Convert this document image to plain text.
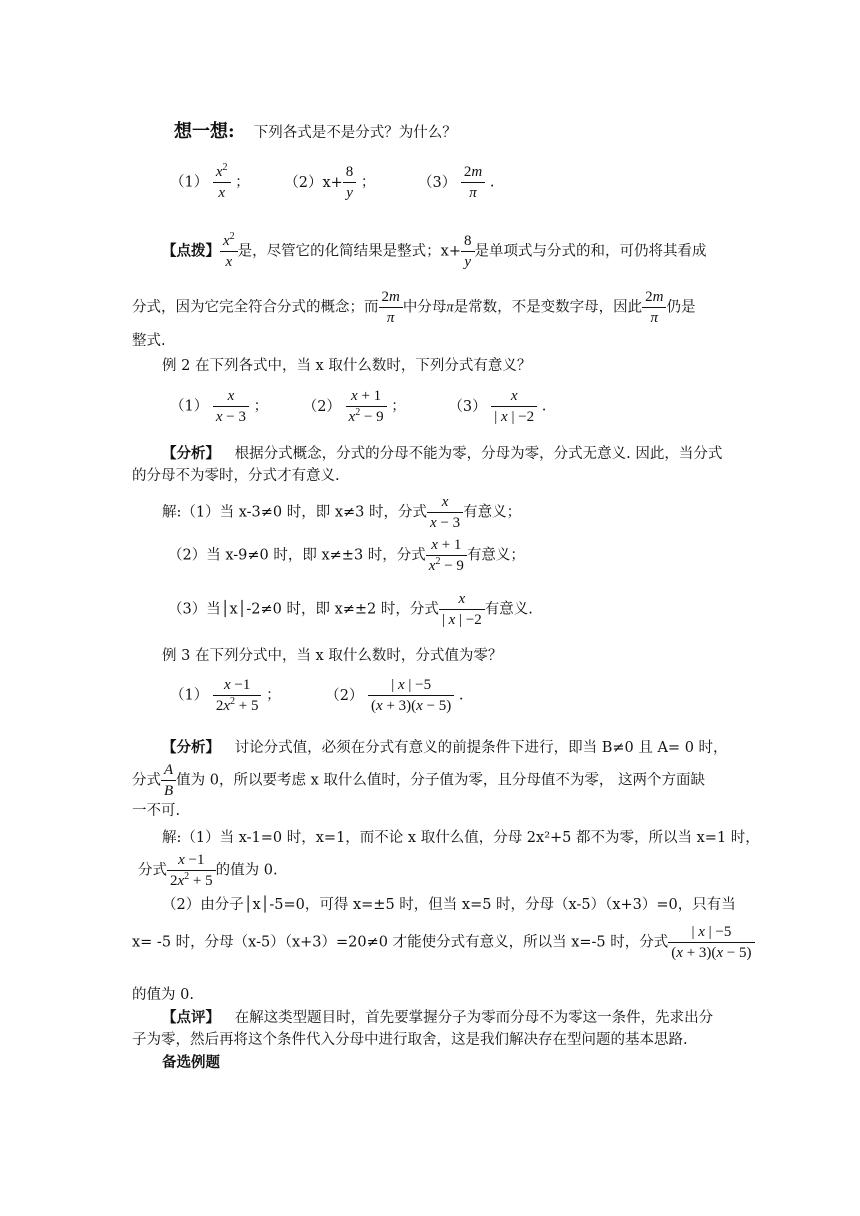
想一想: 下列各式是不是分式？为什么？
$(1) \frac{x^2}{x}$ ； $(2)x+ \frac{8}{y}$ ；	$(3) \frac{2m}{\pi}$ .
【点拨】 $\frac{x^2}{x}$ 是，尽管它的化简结果是整式；$x+ \frac{8}{y}$ 是单项式与分式的和，可仍将其看成
分式，因为它完全符合分式的概念；而 $\frac{2m}{\pi}$ 中分母π是常数，不是变数字母，因此 $\frac{2m}{\pi}$ 仍是
整式.
例 2 在下列各式中，当 x 取什么数时，下列分式有意义？
$(1) \frac{x}{x - 3}$ ； $(2) \frac{x + 1}{x^2 - 9}$ ；	$(3) \frac{x}{| x | -2}$ .
【分析】 根据分式概念，分式的分母不能为零，分母为零，分式无意义. 因此，当分式
的分母不为零时，分式才有意义.
解:（1）当 x-3≠0 时，即 x≠3 时，分式 $\frac{x}{x - 3}$ 有意义；
（2）当 x-9≠0 时，即 x≠±3 时，分式 $\frac{x + 1}{x^2 - 9}$ 有意义；
（3）当│x│-2≠0 时，即 x≠±2 时，分式 $\frac{x}{| x | -2}$ 有意义.
例 3 在下列分式中，当 x 取什么数时，分式值为零？
$(1) \frac{x -1}{2x^2 + 5}$ ；	$(2) \frac{| x | -5}{(x + 3)(x - 5)}$ .
【分析】 讨论分式值，必须在分式有意义的前提条件下进行，即当 B≠0 且 A= 0 时，
分式 $\frac{A}{B}$ 值为 0，所以要考虑 x 取什么值时，分子值为零，且分母值不为零， 这两个方面缺
一不可.
解:（1）当 x-1=0 时，x=1，而不论 x 取什么值，分母 2x²+5 都不为零，所以当 x=1 时，
分式 $\frac{x -1}{2x^2 + 5}$ 的值为 0.
（2）由分子│x│-5=0，可得 x=±5 时，但当 x=5 时，分母（x-5）（x+3）=0，只有当
x= -5 时，分母（x-5）（x+3）=20≠0 才能使分式有意义，所以当 x=-5 时，分式 $\frac{| x | -5}{(x + 3)(x - 5)}$
的值为 0.
【点评】 在解这类型题目时，首先要掌握分子为零而分母不为零这一条件，先求出分
子为零，然后再将这个条件代入分母中进行取舍，这是我们解决存在型问题的基本思路.
备选例题
